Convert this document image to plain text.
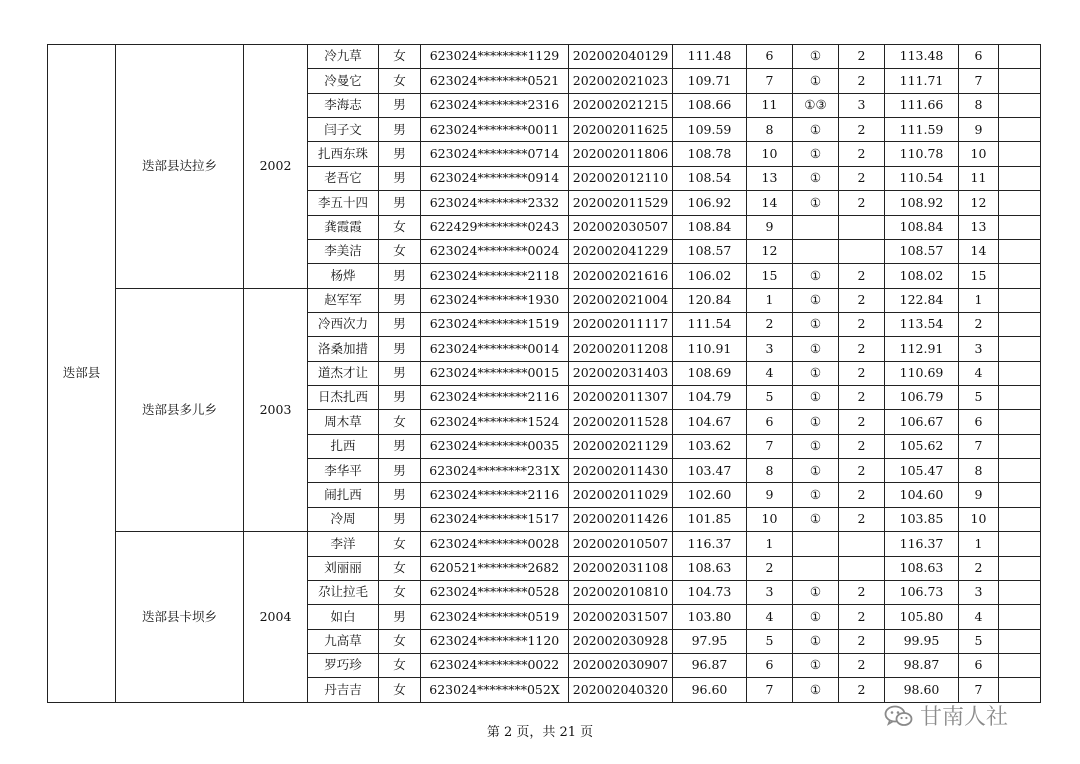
迭部县	迭部县达拉乡	2002	冷九草	女	623024********1129	202002040129	111.48	6	①	2	113.48	6	
			冷曼它	女	623024********0521	202002021023	109.71	7	①	2	111.71	7	
			李海志	男	623024********2316	202002021215	108.66	11	①③	3	111.66	8	
			闫子文	男	623024********0011	202002011625	109.59	8	①	2	111.59	9	
			扎西东珠	男	623024********0714	202002011806	108.78	10	①	2	110.78	10	
			老吾它	男	623024********0914	202002012110	108.54	13	①	2	110.54	11	
			李五十四	男	623024********2332	202002011529	106.92	14	①	2	108.92	12	
			龚霞霞	女	622429********0243	202002030507	108.84	9			108.84	13	
			李美洁	女	623024********0024	202002041229	108.57	12			108.57	14	
			杨烨	男	623024********2118	202002021616	106.02	15	①	2	108.02	15	
	迭部县多儿乡	2003	赵军军	男	623024********1930	202002021004	120.84	1	①	2	122.84	1	
			冷西次力	男	623024********1519	202002011117	111.54	2	①	2	113.54	2	
			洛桑加措	男	623024********0014	202002011208	110.91	3	①	2	112.91	3	
			道杰才让	男	623024********0015	202002031403	108.69	4	①	2	110.69	4	
			日杰扎西	男	623024********2116	202002011307	104.79	5	①	2	106.79	5	
			周木草	女	623024********1524	202002011528	104.67	6	①	2	106.67	6	
			扎西	男	623024********0035	202002021129	103.62	7	①	2	105.62	7	
			李华平	男	623024********231X	202002011430	103.47	8	①	2	105.47	8	
			闹扎西	男	623024********2116	202002011029	102.60	9	①	2	104.60	9	
			冷周	男	623024********1517	202002011426	101.85	10	①	2	103.85	10	
	迭部县卡坝乡	2004	李洋	女	623024********0028	202002010507	116.37	1			116.37	1	
			刘丽丽	女	620521********2682	202002031108	108.63	2			108.63	2	
			尕让拉毛	女	623024********0528	202002010810	104.73	3	①	2	106.73	3	
			如白	男	623024********0519	202002031507	103.80	4	①	2	105.80	4	
			九高草	女	623024********1120	202002030928	97.95	5	①	2	99.95	5	
			罗巧珍	女	623024********0022	202002030907	96.87	6	①	2	98.87	6	
			丹吉吉	女	623024********052X	202002040320	96.60	7	①	2	98.60	7	
第 2 页，共 21 页
甘南人社
